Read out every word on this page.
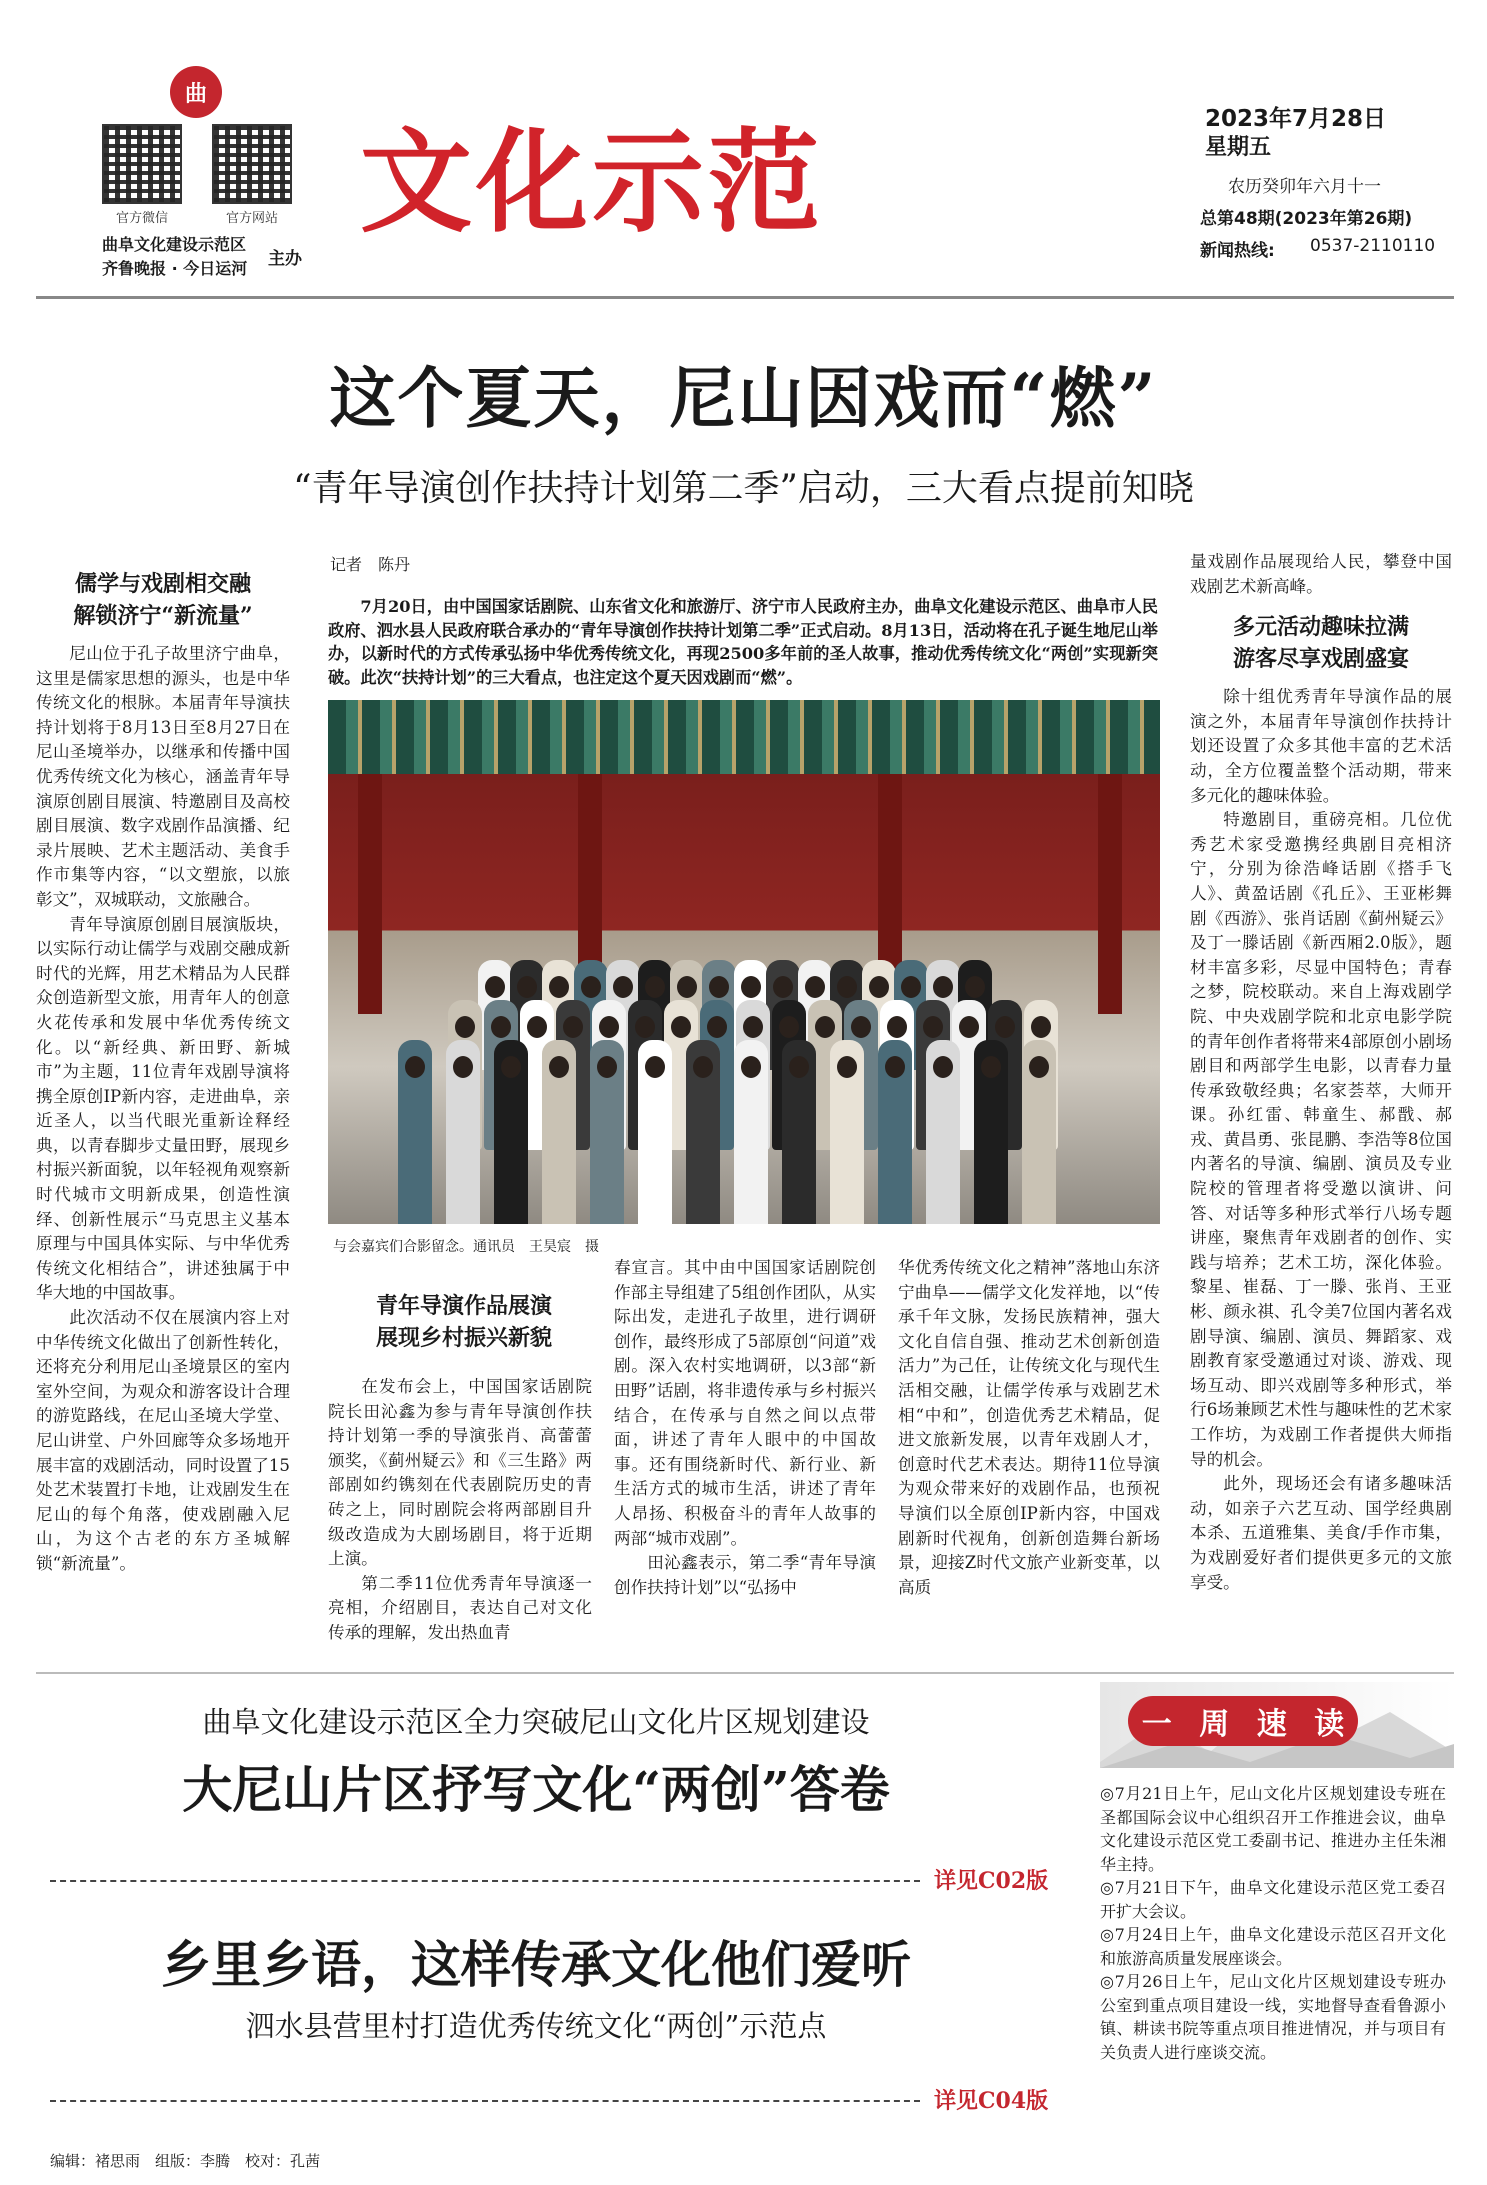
曲
官方微信	官方网站
曲阜文化建设示范区
齐鲁晚报 · 今日运河 主办
文化示范	2023年7月28日
星期五
农历癸卯年六月十一
总第48期(2023年第26期)
新闻热线: 0537-2110110
这个夏天，尼山因戏而“燃”
“青年导演创作扶持计划第二季”启动，三大看点提前知晓

儒学与戏剧相交融

解锁济宁“新流量”

尼山位于孔子故里济宁曲阜，这里是儒家思想的源头，也是中华传统文化的根脉。本届青年导演扶持计划将于8月13日至8月27日在尼山圣境举办，以继承和传播中国优秀传统文化为核心，涵盖青年导演原创剧目展演、特邀剧目及高校剧目展演、数字戏剧作品演播、纪录片展映、艺术主题活动、美食手作市集等内容，“以文塑旅，以旅彰文”，双城联动，文旅融合。

青年导演原创剧目展演版块，以实际行动让儒学与戏剧交融成新时代的光辉，用艺术精品为人民群众创造新型文旅，用青年人的创意火花传承和发展中华优秀传统文化。以“新经典、新田野、新城市”为主题，11位青年戏剧导演将携全原创IP新内容，走进曲阜，亲近圣人，以当代眼光重新诠释经典，以青春脚步丈量田野，展现乡村振兴新面貌，以年轻视角观察新时代城市文明新成果，创造性演绎、创新性展示“马克思主义基本原理与中国具体实际、与中华优秀传统文化相结合”，讲述独属于中华大地的中国故事。

此次活动不仅在展演内容上对中华传统文化做出了创新性转化，还将充分利用尼山圣境景区的室内室外空间，为观众和游客设计合理的游览路线，在尼山圣境大学堂、尼山讲堂、户外回廊等众多场地开展丰富的戏剧活动，同时设置了15处艺术装置打卡地，让戏剧发生在尼山的每个角落，使戏剧融入尼山，为这个古老的东方圣城解锁“新流量”。

记者　陈丹
7月20日，由中国国家话剧院、山东省文化和旅游厅、济宁市人民政府主办，曲阜文化建设示范区、曲阜市人民政府、泗水县人民政府联合承办的“青年导演创作扶持计划第二季”正式启动。8月13日，活动将在孔子诞生地尼山举办，以新时代的方式传承弘扬中华优秀传统文化，再现2500多年前的圣人故事，推动优秀传统文化“两创”实现新突破。此次“扶持计划”的三大看点，也注定这个夏天因戏剧而“燃”。
与会嘉宾们合影留念。通讯员　王昊宸　摄

青年导演作品展演

展现乡村振兴新貌

在发布会上，中国国家话剧院院长田沁鑫为参与青年导演创作扶持计划第一季的导演张肖、高蕾蕾颁奖，《蓟州疑云》和《三生路》两部剧如约镌刻在代表剧院历史的青砖之上，同时剧院会将两部剧目升级改造成为大剧场剧目，将于近期上演。

第二季11位优秀青年导演逐一亮相，介绍剧目，表达自己对文化传承的理解，发出热血青

春宣言。其中由中国国家话剧院创作部主导组建了5组创作团队，从实际出发，走进孔子故里，进行调研创作，最终形成了5部原创“问道”戏剧。深入农村实地调研，以3部“新田野”话剧，将非遗传承与乡村振兴结合，在传承与自然之间以点带面，讲述了青年人眼中的中国故事。还有围绕新时代、新行业、新生活方式的城市生活，讲述了青年人昂扬、积极奋斗的青年人故事的两部“城市戏剧”。

田沁鑫表示，第二季“青年导演创作扶持计划”以“弘扬中

华优秀传统文化之精神”落地山东济宁曲阜——儒学文化发祥地，以“传承千年文脉，发扬民族精神，强大文化自信自强、推动艺术创新创造活力”为己任，让传统文化与现代生活相交融，让儒学传承与戏剧艺术相“中和”，创造优秀艺术精品，促进文旅新发展，以青年戏剧人才，创意时代艺术表达。期待11位导演为观众带来好的戏剧作品，也预祝导演们以全原创IP新内容，中国戏剧新时代视角，创新创造舞台新场景，迎接Z时代文旅产业新变革，以高质

量戏剧作品展现给人民，攀登中国戏剧艺术新高峰。

多元活动趣味拉满

游客尽享戏剧盛宴

除十组优秀青年导演作品的展演之外，本届青年导演创作扶持计划还设置了众多其他丰富的艺术活动，全方位覆盖整个活动期，带来多元化的趣味体验。

特邀剧目，重磅亮相。几位优秀艺术家受邀携经典剧目亮相济宁，分别为徐浩峰话剧《搭手飞人》、黄盈话剧《孔丘》、王亚彬舞剧《西游》、张肖话剧《蓟州疑云》及丁一滕话剧《新西厢2.0版》，题材丰富多彩，尽显中国特色；青春之梦，院校联动。来自上海戏剧学院、中央戏剧学院和北京电影学院的青年创作者将带来4部原创小剧场剧目和两部学生电影，以青春力量传承致敬经典；名家荟萃，大师开课。孙红雷、韩童生、郝戬、郝戎、黄昌勇、张昆鹏、李浩等8位国内著名的导演、编剧、演员及专业院校的管理者将受邀以演讲、问答、对话等多种形式举行八场专题讲座，聚焦青年戏剧者的创作、实践与培养；艺术工坊，深化体验。黎星、崔磊、丁一滕、张肖、王亚彬、颜永祺、孔令美7位国内著名戏剧导演、编剧、演员、舞蹈家、戏剧教育家受邀通过对谈、游戏、现场互动、即兴戏剧等多种形式，举行6场兼顾艺术性与趣味性的艺术家工作坊，为戏剧工作者提供大师指导的机会。

此外，现场还会有诸多趣味活动，如亲子六艺互动、国学经典剧本杀、五道雅集、美食/手作市集，为戏剧爱好者们提供更多元的文旅享受。

曲阜文化建设示范区全力突破尼山文化片区规划建设
大尼山片区抒写文化“两创”答卷
详见C02版
乡里乡语，这样传承文化他们爱听
泗水县营里村打造优秀传统文化“两创”示范点
详见C04版
编辑：褚思雨　组版：李腾　校对：孔茜
一 周 速 读

◎7月21日上午，尼山文化片区规划建设专班在圣都国际会议中心组织召开工作推进会议，曲阜文化建设示范区党工委副书记、推进办主任朱湘华主持。

◎7月21日下午，曲阜文化建设示范区党工委召开扩大会议。

◎7月24日上午，曲阜文化建设示范区召开文化和旅游高质量发展座谈会。

◎7月26日上午，尼山文化片区规划建设专班办公室到重点项目建设一线，实地督导查看鲁源小镇、耕读书院等重点项目推进情况，并与项目有关负责人进行座谈交流。
